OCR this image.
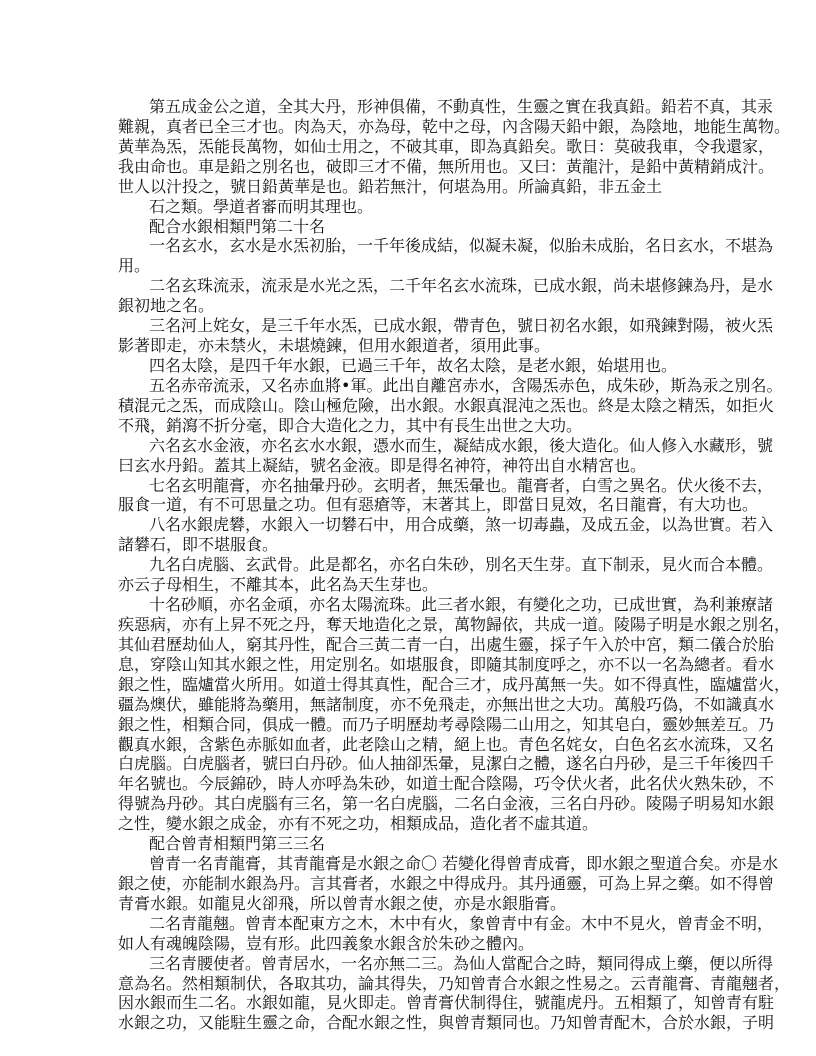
第五成金公之道，全其大丹，形神俱備，不動真性，生靈之實在我真鉛。鉛若不真，其汞
難親，真者已全三才也。肉為天，亦為母，乾中之母，內含陽天鉛中銀，為陰地，地能生萬物。
黃華為炁，炁能長萬物，如仙士用之，不破其車，即為真鉛矣。歌日：莫破我車，令我還家，
我由命也。車是鉛之別名也，破即三才不備，無所用也。又曰：黃龍汁，是鉛中黃精銷成汁。
世人以汁投之，號日鉛黃華是也。鉛若無汁，何堪為用。所論真鉛，非五金土
石之類。學道者審而明其理也。
配合水銀相類門第二十名
一名玄水，玄水是水炁初胎，一千年後成結，似凝未凝，似胎未成胎，名日玄水，不堪為
用。
二名玄珠流汞，流汞是水光之炁，二千年名玄水流珠，已成水銀，尚未堪修鍊為丹，是水
銀初地之名。
三名河上姹女，是三千年水炁，已成水銀，帶青色，號日初名水銀，如飛鍊對陽，被火炁
影著即走，亦未禁火，未堪燒鍊，但用水銀道者，須用此事。
四名太陰，是四千年水銀，已過三千年，故名太陰，是老水銀，始堪用也。
五名赤帝流汞，又名赤血將•軍。此出自離宮赤水，含陽炁赤色，成朱砂，斯為汞之別名。
積混元之炁，而成陰山。陰山極危險，出水銀。水銀真混沌之炁也。終是太陰之精炁，如拒火
不飛，銷瀉不折分毫，即合大造化之力，其中有長生出世之大功。
六名玄水金液，亦名玄水水銀，憑水而生，凝結成水銀，後大造化。仙人修入水藏形，號
曰玄水丹鉛。蓋其上凝結，號名金液。即是得名神符，神符出自水精宮也。
七名玄明龍膏，亦名抽暈丹砂。玄明者，無炁暈也。龍膏者，白雪之異名。伏火後不去，
服食一道，有不可思量之功。但有惡瘡等，末著其上，即當日見效，名日龍膏，有大功也。
八名水銀虎礬，水銀入一切礬石中，用合成藥，煞一切毒蟲，及成五金，以為世實。若入
諸礬石，即不堪服食。
九名白虎腦、玄武骨。此是都名，亦名白朱砂，別名天生芽。直下制汞，見火而合本體。
亦云子母相生，不離其本，此名為天生芽也。
十名砂順，亦名金頑，亦名太陽流珠。此三者水銀，有變化之功，已成世實，為利兼療諸
疾惡病，亦有上昇不死之丹，奪天地造化之景，萬物歸依，共成一道。陵陽子明是水銀之別名，
其仙君歷劫仙人，窮其丹性，配合三黃二青一白，出處生靈，採子午入於中宮，類二儀合於胎
息，穿陰山知其水銀之性，用定別名。如堪服食，即隨其制度呼之，亦不以一名為總者。看水
銀之性，臨爐當火所用。如道士得其真性，配合三才，成丹萬無一失。如不得真性，臨爐當火，
疆為燠伏，雖能將為藥用，無諸制度，亦不免飛走，亦無出世之大功。萬般巧偽，不如識真水
銀之性，相類合同，俱成一體。而乃子明歷劫考尋陰陽二山用之，知其皂白，靈妙無差互。乃
觀真水銀，含紫色赤脈如血者，此老陰山之精，絕上也。青色名姹女，白色名玄水流珠，又名
白虎腦。白虎腦者，號曰白丹砂。仙人抽卻炁暈，見潔白之體，遂名白丹砂，是三千年後四千
年名號也。今辰錦砂，時人亦呼為朱砂，如道士配合陰陽，巧令伏火者，此名伏火熟朱砂，不
得號為丹砂。其白虎腦有三名，第一名白虎腦，二名白金液，三名白丹砂。陵陽子明易知水銀
之性，變水銀之成金，亦有不死之功，相類成品，造化者不虛其道。
配合曾青相類門第三三名
曾青一名青龍膏，其青龍膏是水銀之命〇 若變化得曾青成膏，即水銀之聖道合矣。亦是水
銀之使，亦能制水銀為丹。言其膏者，水銀之中得成丹。其丹通靈，可為上昇之藥。如不得曾
青膏水銀。如龍見火卻飛，所以曾青水銀之使，亦是水銀脂膏。
二名青龍翹。曾青本配東方之木，木中有火，象曾青中有金。木中不見火，曾青金不明，
如人有魂魄陰陽，豈有形。此四義象水銀含於朱砂之體內。
三名青腰使者。曾青居水，一名亦無二三。為仙人當配合之時，類同得成上藥，便以所得
意為名。然相類制伏，各取其功，論其得失，乃知曾青合水銀之性易之。云青龍膏、青龍翹者，
因水銀而生二名。水銀如龍，見火即走。曾青膏伏制得住，號龍虎丹。五相類了，知曾青有駐
水銀之功，又能駐生靈之命，合配水銀之性，與曾青類同也。乃知曾青配木，合於水銀，子明
